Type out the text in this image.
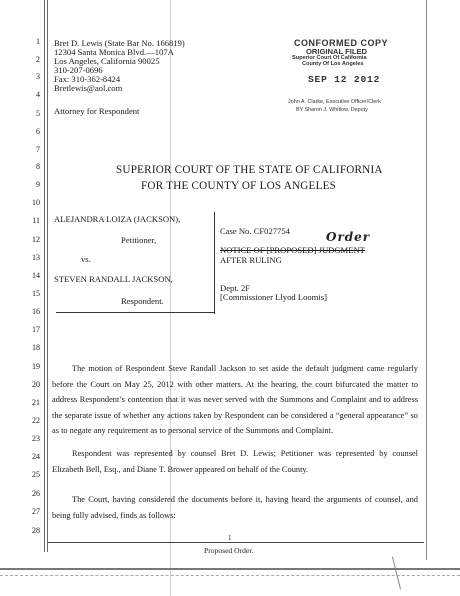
1
2
3
4
5
6
7
8
9
10
11
12
13
14
15
16
17
18
19
20
21
22
23
24
25
26
27
28
Bret D. Lewis (State Bar No. 166819)
12304 Santa Monica Blvd.—107A
Los Angeles, California 90025
310-207-0696
Fax: 310-362-8424
Bretlewis@aol.com
Attorney for Respondent
CONFORMED COPY
ORIGINAL FILED
Superior Court Of California
County Of Los Angeles
SEP 12 2012
John A. Clarke, Executive Officer/Clerk
BY Sharon J. Whitlow, Deputy
SUPERIOR COURT OF THE STATE OF CALIFORNIA
FOR THE COUNTY OF LOS ANGELES
ALEJANDRA LOIZA (JACKSON),
Petitioner,
vs.
STEVEN RANDALL JACKSON,
Respondent.
Case No. CF027754
NOTICE OF [PROPOSED] JUDGMENT
Order
AFTER RULING
Dept. 2F
[Commissioner Llyod Loomis]
The motion of Respondent Steve Randall Jackson to set aside the default judgment came regularly before the Court on May 25, 2012 with other matters. At the hearing, the court bifurcated the matter to address Respondent’s contention that it was never served with the Summons and Complaint and to address the separate issue of whether any actions taken by Respondent can be considered a “general appearance” so as to negate any requirement as to personal service of the Summons and Complaint.
Respondent was represented by counsel Bret D. Lewis; Petitioner was represented by counsel Elizabeth Bell, Esq., and Diane T. Brower appeared on behalf of the County.
The Court, having considered the documents before it, having heard the arguments of counsel, and being fully advised, finds as follows:
1
Proposed Order.
